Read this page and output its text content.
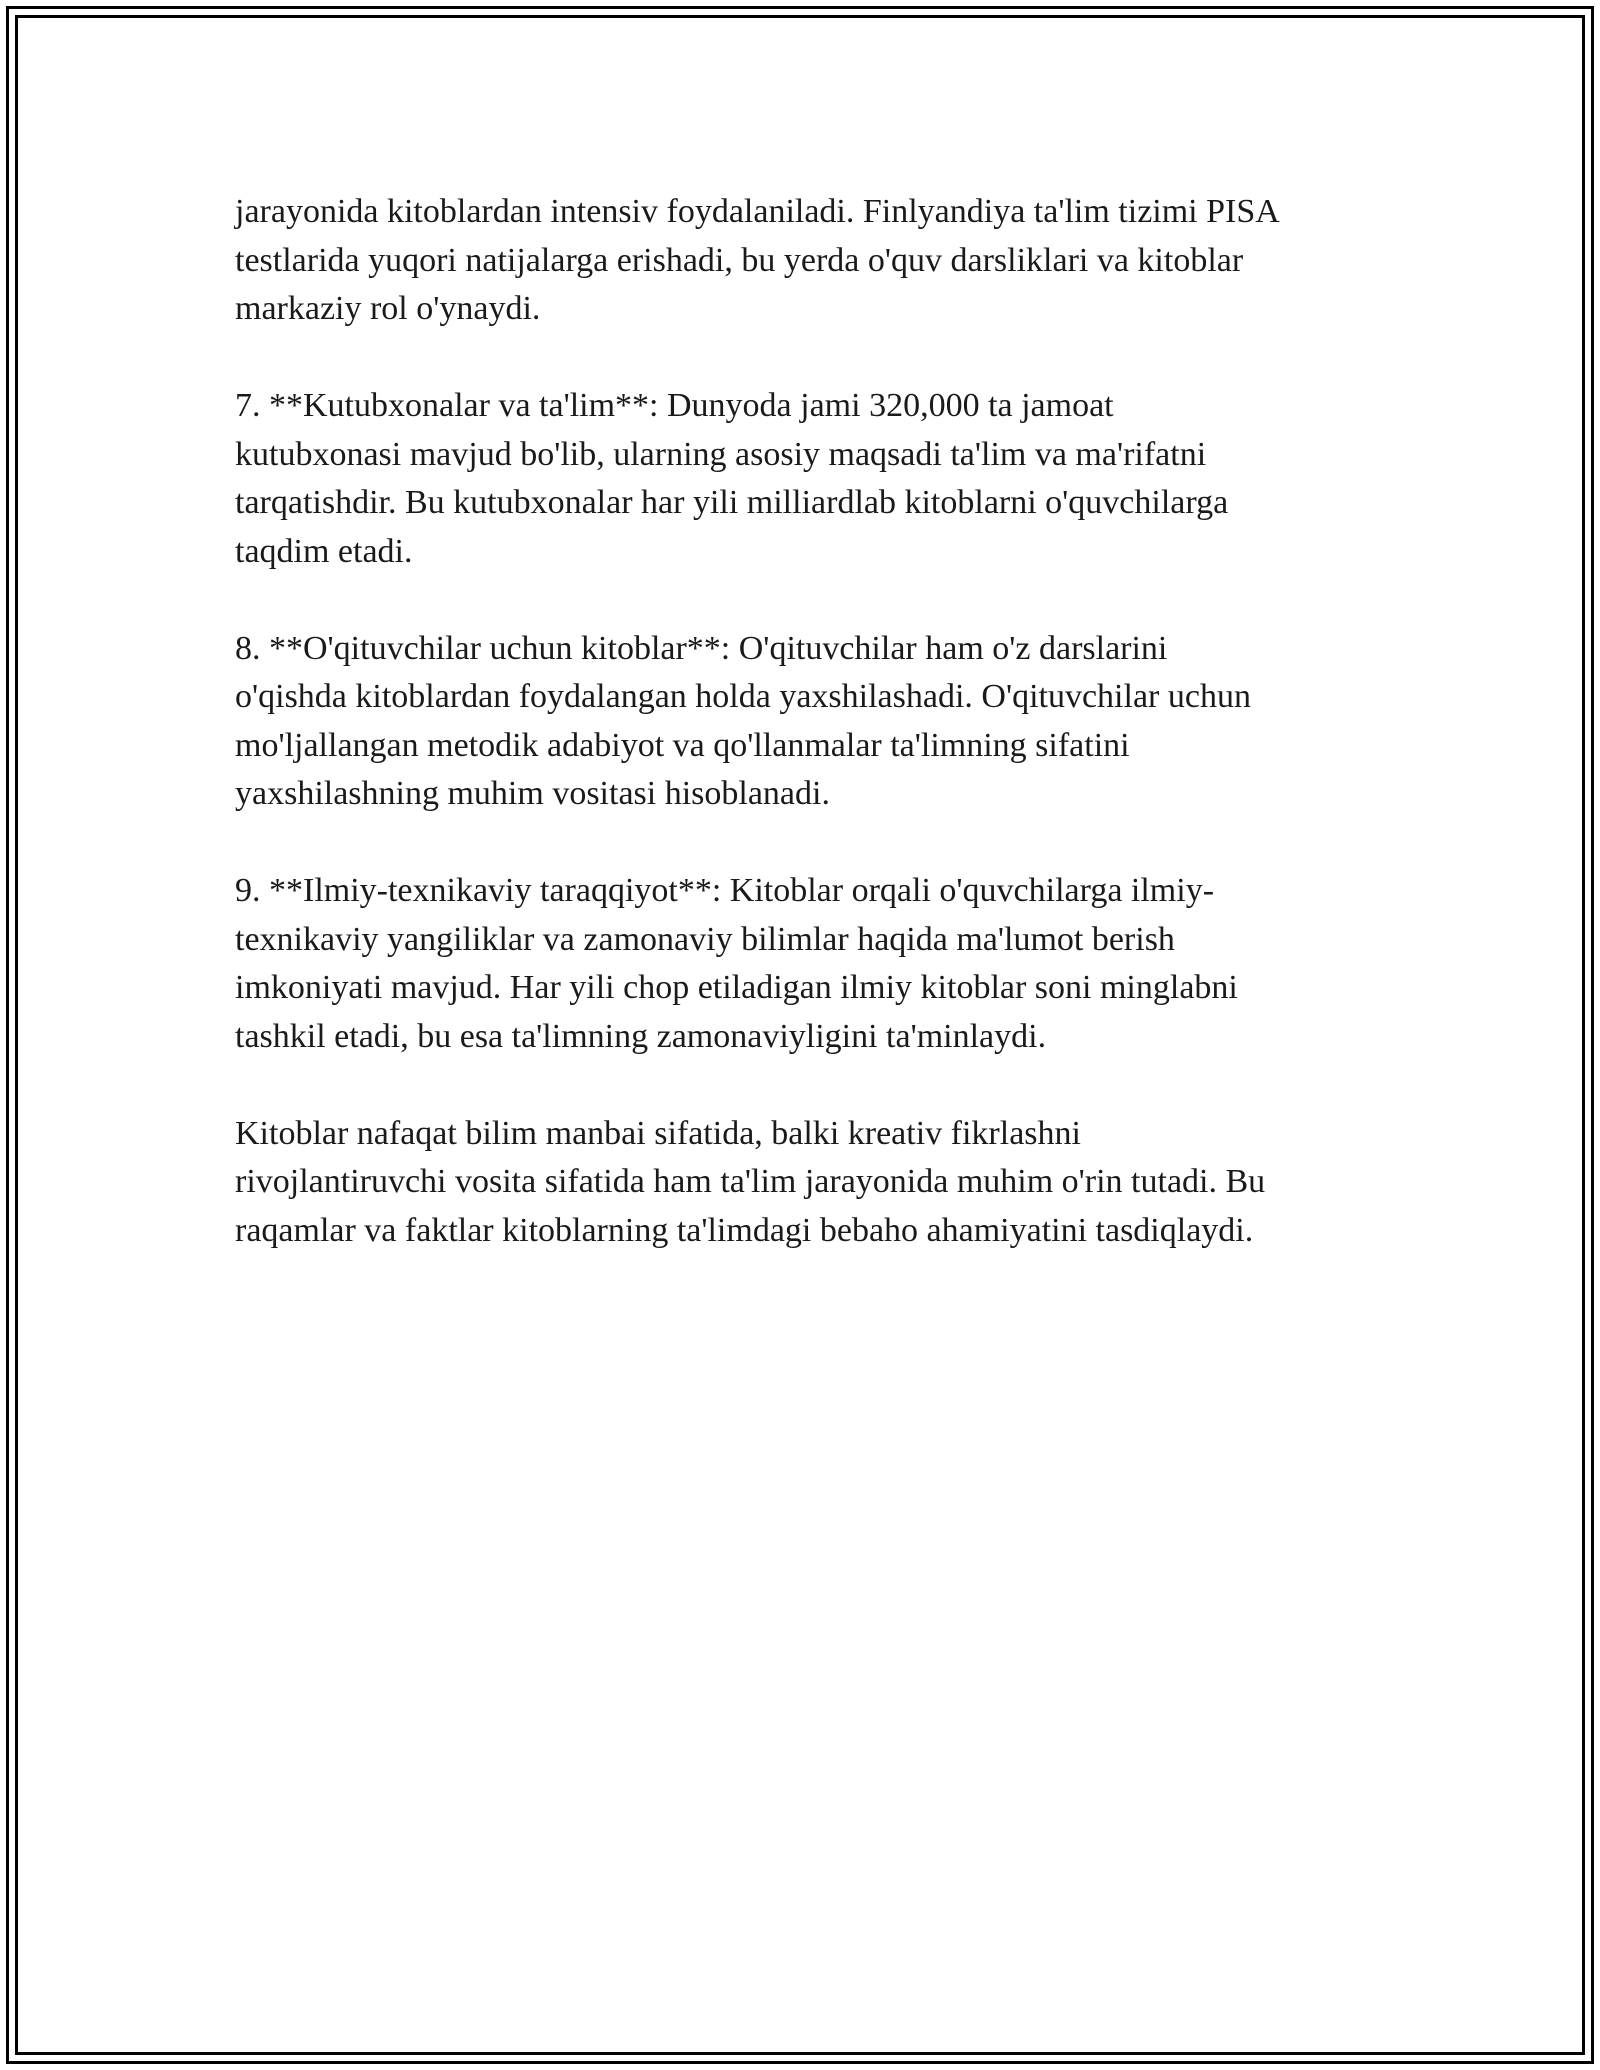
jarayonida kitoblardan intensiv foydalaniladi. Finlyandiya ta'lim tizimi PISA
testlarida yuqori natijalarga erishadi, bu yerda o'quv darsliklari va kitoblar
markaziy rol o'ynaydi.

7. **Kutubxonalar va ta'lim**: Dunyoda jami 320,000 ta jamoat
kutubxonasi mavjud bo'lib, ularning asosiy maqsadi ta'lim va ma'rifatni
tarqatishdir. Bu kutubxonalar har yili milliardlab kitoblarni o'quvchilarga
taqdim etadi.

8. **O'qituvchilar uchun kitoblar**: O'qituvchilar ham o'z darslarini
o'qishda kitoblardan foydalangan holda yaxshilashadi. O'qituvchilar uchun
mo'ljallangan metodik adabiyot va qo'llanmalar ta'limning sifatini
yaxshilashning muhim vositasi hisoblanadi.

9. **Ilmiy-texnikaviy taraqqiyot**: Kitoblar orqali o'quvchilarga ilmiy-
texnikaviy yangiliklar va zamonaviy bilimlar haqida ma'lumot berish
imkoniyati mavjud. Har yili chop etiladigan ilmiy kitoblar soni minglabni
tashkil etadi, bu esa ta'limning zamonaviyligini ta'minlaydi.

Kitoblar nafaqat bilim manbai sifatida, balki kreativ fikrlashni
rivojlantiruvchi vosita sifatida ham ta'lim jarayonida muhim o'rin tutadi. Bu
raqamlar va faktlar kitoblarning ta'limdagi bebaho ahamiyatini tasdiqlaydi.
